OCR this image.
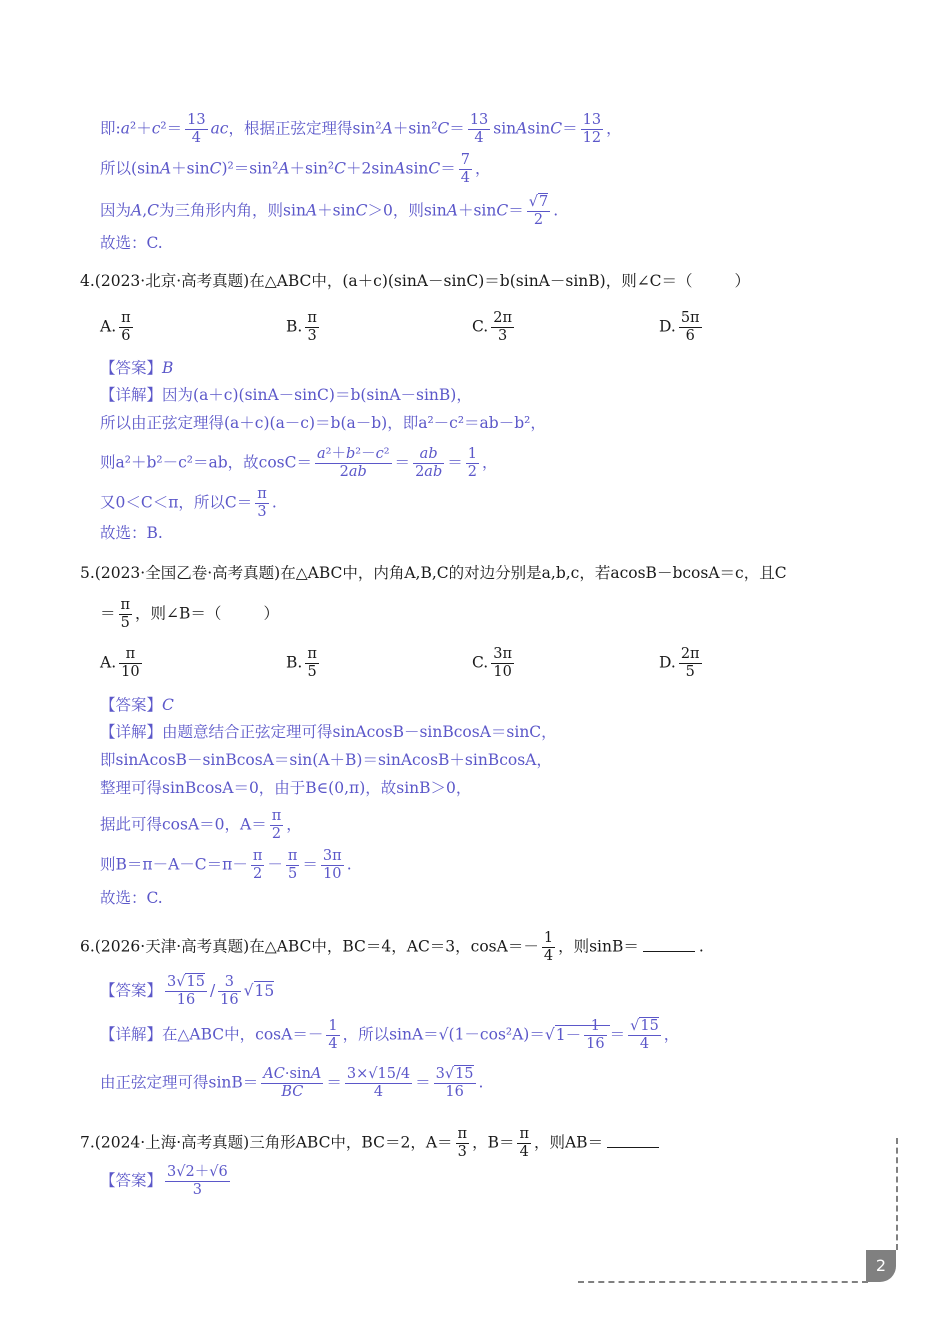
即:a²＋c²＝ $\frac{13}{4}$ ac，根据正弦定理得$\sin^2A+\sin^2C= \frac{13}{4}$ sinAsinC＝ $\frac{13}{12}$ ，
所以(sinA＋sinC)²＝sin²A＋sin²C＋2sinAsinC＝ $\frac{7}{4}$ ，
因为A,C为三角形内角，则sinA＋sinC＞0，则$\sin A+\sin C= \frac{√7}{2}$ .
故选：C.
4.(2023·北京·高考真题)在△ABC中，(a＋c)(sinA－sinC)＝b(sinA－sinB)，则∠C＝（	）
A. $\frac{\pi}{6}$	B. $\frac{\pi}{3}$	C. $\frac{2\pi}{3}$	D. $\frac{5\pi}{6}$
【答案】B
【详解】因为(a＋c)(sinA－sinC)＝b(sinA－sinB)，
所以由正弦定理得(a＋c)(a－c)＝b(a－b)，即a²－c²＝ab－b²，
则a²＋b²－c²＝ab，故$\cos C= \frac{\text{a²＋b²－c²}}{2ab} = \frac{ab}{2ab} = \frac{1}{2}$ ，
又0＜C＜π，所以$C= \frac{\pi}{3}$ .
故选：B.
5.(2023·全国乙卷·高考真题)在△ABC中，内角A,B,C的对边分别是a,b,c，若acosB－bcosA＝c，且C
＝ $\frac{\pi}{5}$ ，则∠B＝（	）
A. $\frac{\pi}{10}$	B. $\frac{\pi}{5}$	C. $\frac{3\pi}{10}$	D. $\frac{2\pi}{5}$
【答案】C
【详解】由题意结合正弦定理可得sinAcosB－sinBcosA＝sinC，
即sinAcosB－sinBcosA＝sin(A＋B)＝sinAcosB＋sinBcosA，
整理可得sinBcosA＝0，由于B∈(0,π)，故sinB＞0，
据此可得cosA＝0，$A= \frac{\pi}{2}$ ，
则$B=\pi-A-C=\pi- \frac{\pi}{2} - \frac{\pi}{5} = \frac{3\pi}{10}$ .
故选：C.
6.(2026·天津·高考真题)在△ABC中，BC＝4，AC＝3，$\cos A=- \frac{1}{4}$ ，则sinB＝	.
【答案】 $\frac{3√15}{16} / \frac{3}{16} √15$
【详解】在△ABC中，$\cos A=- \frac{1}{4}$ ，所以$\sin A=√(1-\cos^2A)=√1- \frac{1}{16} = \frac{√15}{4}$ ，
由正弦定理可得$\sin B= \frac{AC\cdot\sin A}{BC} = \frac{3\times√15/4}{4} = \frac{3√15}{16}$ .
7.(2024·上海·高考真题)三角形ABC中，BC＝2，$A= \frac{\pi}{3}$ ，$B= \frac{\pi}{4}$ ，则AB＝
【答案】 $\frac{3√2+√6}{3}$
2
